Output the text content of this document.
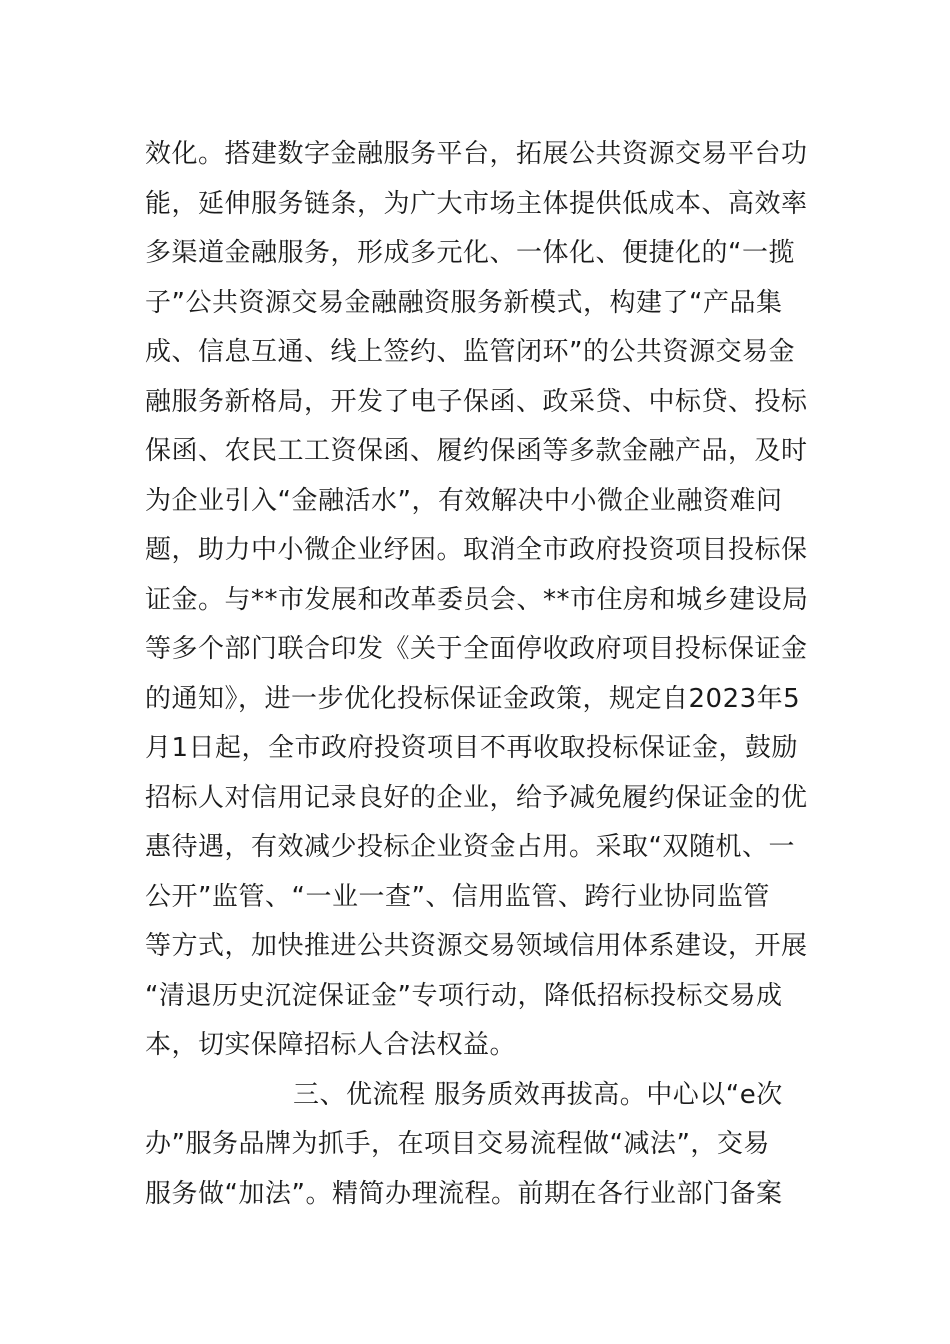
效化。搭建数字金融服务平台，拓展公共资源交易平台功
能，延伸服务链条，为广大市场主体提供低成本、高效率
多渠道金融服务，形成多元化、一体化、便捷化的“一揽
子”公共资源交易金融融资服务新模式，构建了“产品集
成、信息互通、线上签约、监管闭环”的公共资源交易金
融服务新格局，开发了电子保函、政采贷、中标贷、投标
保函、农民工工资保函、履约保函等多款金融产品，及时
为企业引入“金融活水”，有效解决中小微企业融资难问
题，助力中小微企业纾困。取消全市政府投资项目投标保
证金。与**市发展和改革委员会、**市住房和城乡建设局
等多个部门联合印发《关于全面停收政府项目投标保证金
的通知》，进一步优化投标保证金政策，规定自2023年5
月1日起，全市政府投资项目不再收取投标保证金，鼓励
招标人对信用记录良好的企业，给予减免履约保证金的优
惠待遇，有效减少投标企业资金占用。采取“双随机、一
公开”监管、“一业一查”、信用监管、跨行业协同监管
等方式，加快推进公共资源交易领域信用体系建设，开展
“清退历史沉淀保证金”专项行动，降低招标投标交易成
本，切实保障招标人合法权益。
三、优流程 服务质效再拔高。中心以“e次
办”服务品牌为抓手，在项目交易流程做“减法”，交易
服务做“加法”。精简办理流程。前期在各行业部门备案
